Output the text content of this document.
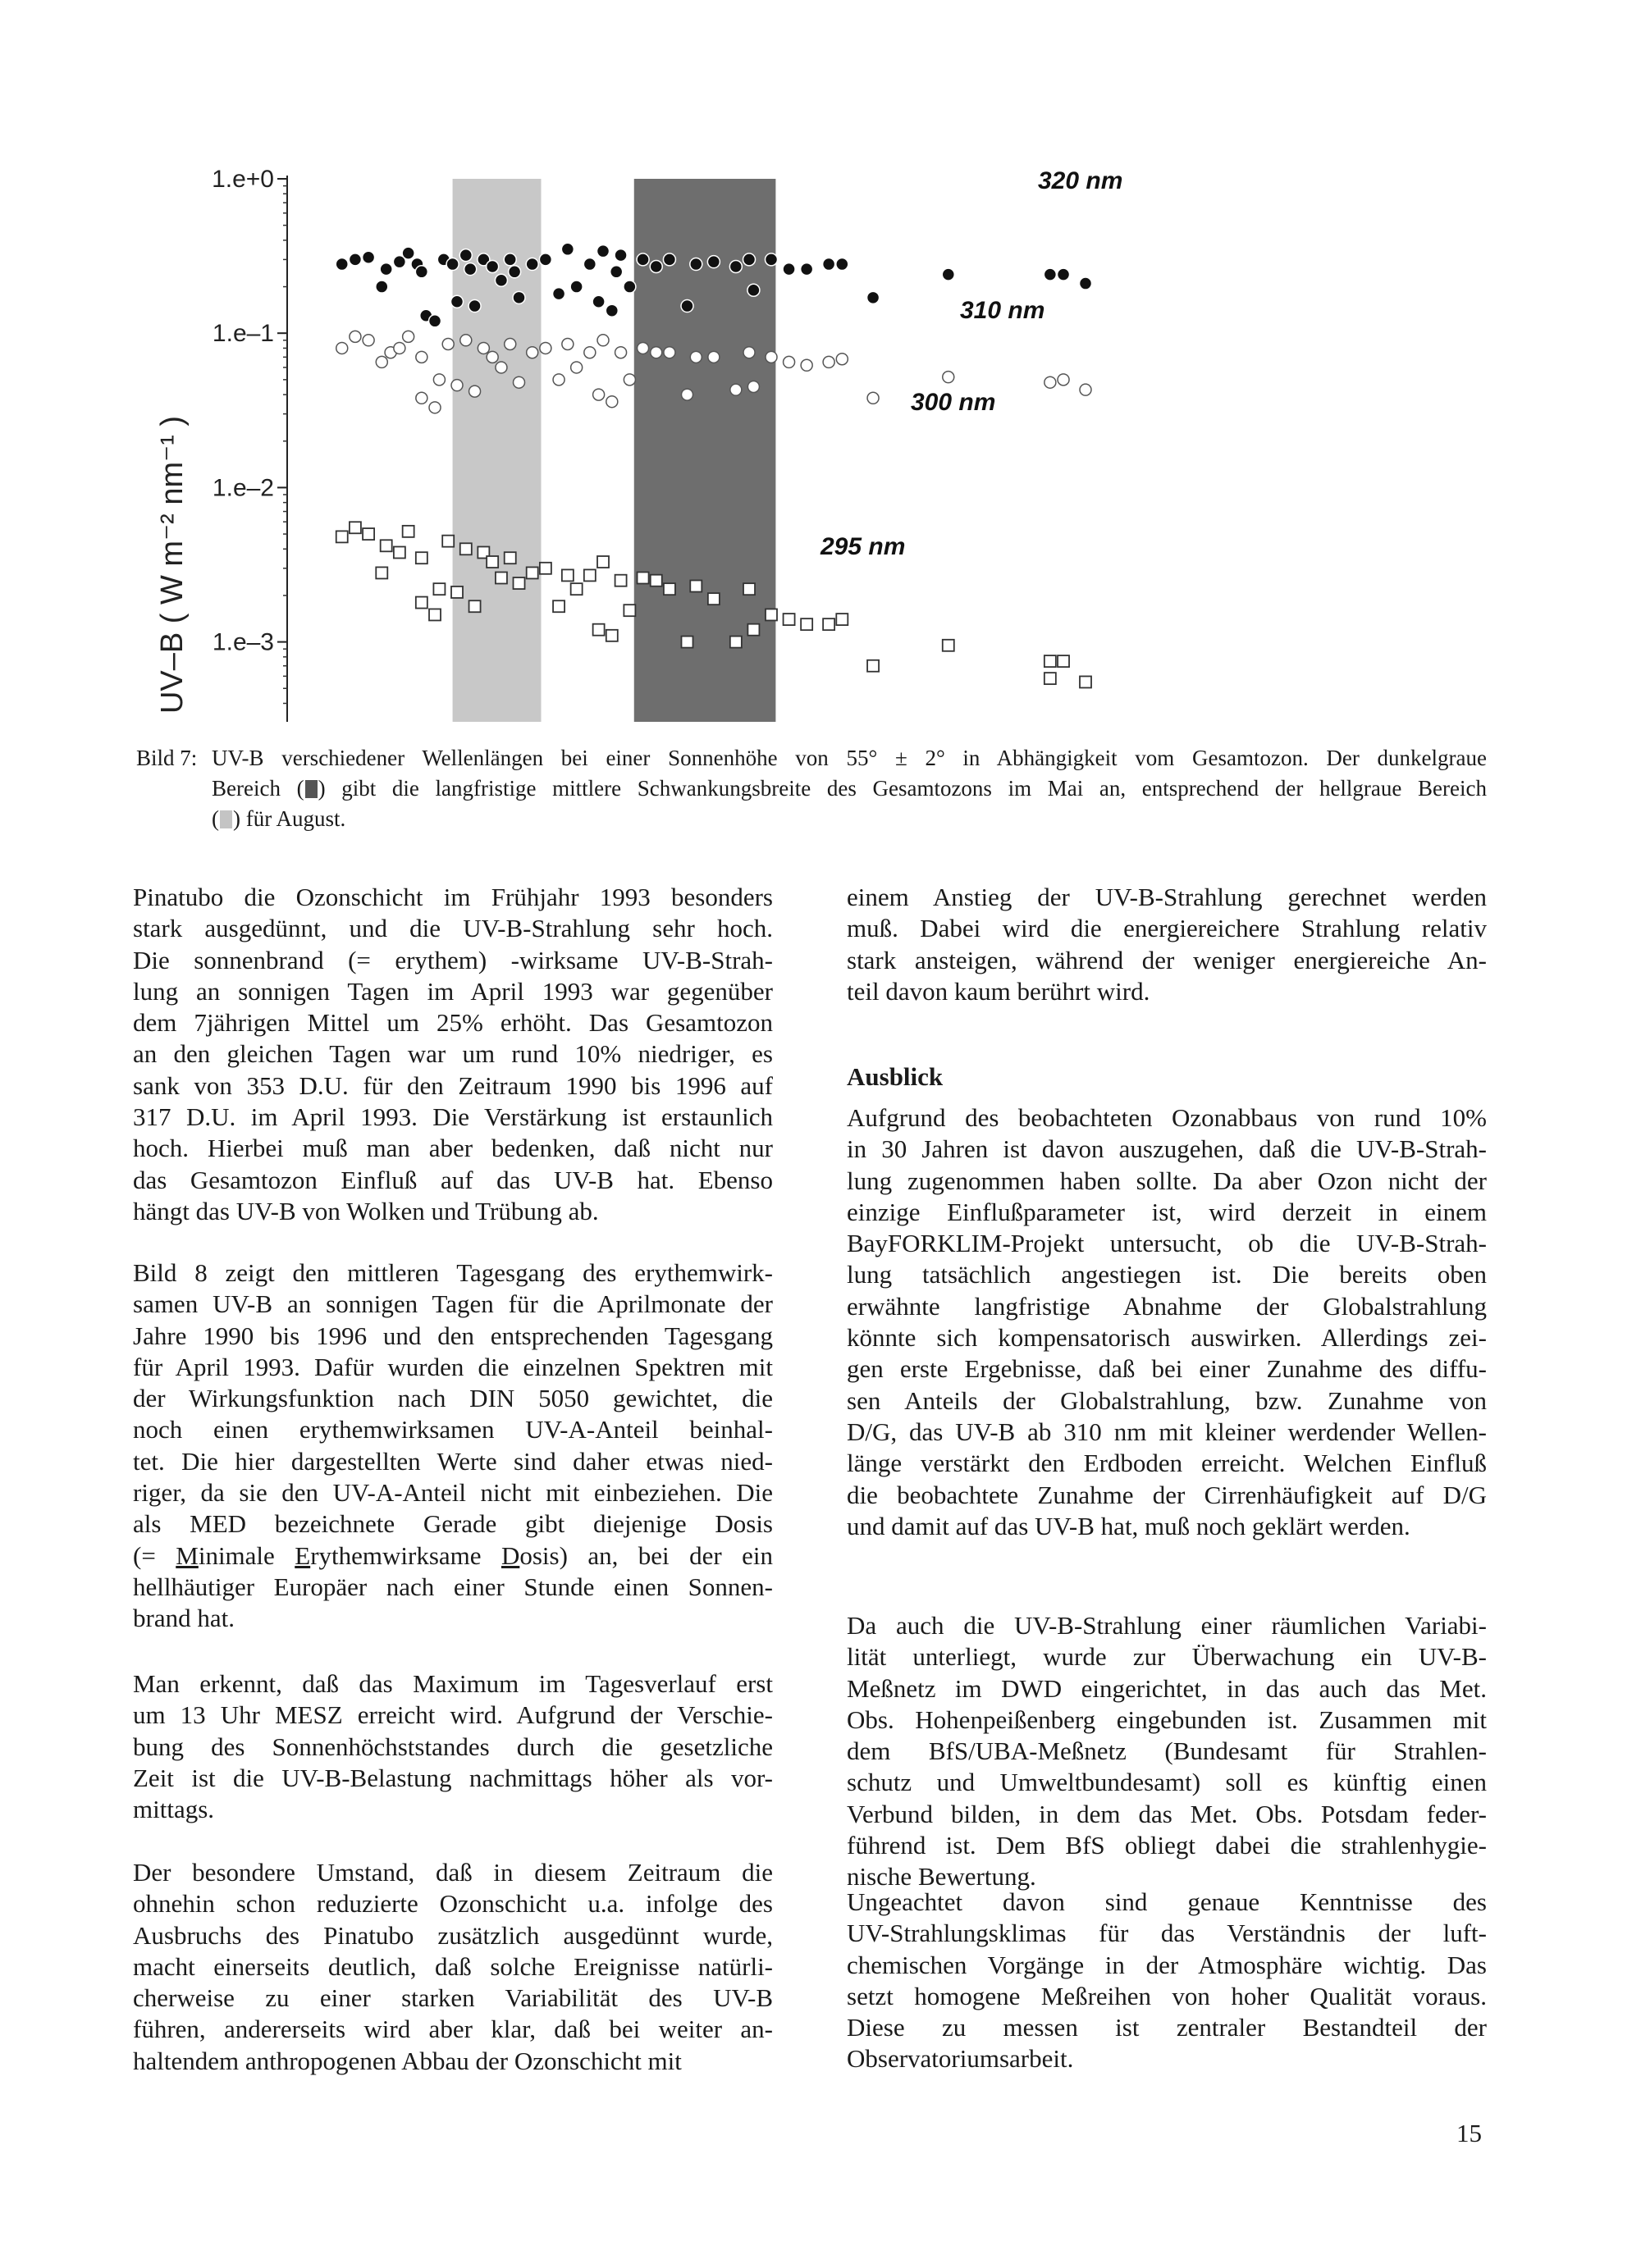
1.e+0
1.e–1
1.e–2
1.e–3
UV–B ( W m⁻² nm⁻¹ )
320 nm
310 nm
300 nm
295 nm
Bild 7: UV-B verschiedener Wellenlängen bei einer Sonnenhöhe von 55° ± 2° in Abhängigkeit vom Gesamtozon. Der dunkelgraue
Bereich ( ) gibt die langfristige mittlere Schwankungsbreite des Gesamtozons im Mai an, entsprechend der hellgraue Bereich
( ) für August.
Pinatubo die Ozonschicht im Frühjahr 1993 besonders
stark ausgedünnt, und die UV-B-Strahlung sehr hoch.
Die sonnenbrand (= erythem) -wirksame UV-B-Strah-
lung an sonnigen Tagen im April 1993 war gegenüber
dem 7jährigen Mittel um 25% erhöht. Das Gesamtozon
an den gleichen Tagen war um rund 10% niedriger, es
sank von 353 D.U. für den Zeitraum 1990 bis 1996 auf
317 D.U. im April 1993. Die Verstärkung ist erstaunlich
hoch. Hierbei muß man aber bedenken, daß nicht nur
das Gesamtozon Einfluß auf das UV-B hat. Ebenso
hängt das UV-B von Wolken und Trübung ab.
Bild 8 zeigt den mittleren Tagesgang des erythemwirk-
samen UV-B an sonnigen Tagen für die Aprilmonate der
Jahre 1990 bis 1996 und den entsprechenden Tagesgang
für April 1993. Dafür wurden die einzelnen Spektren mit
der Wirkungsfunktion nach DIN 5050 gewichtet, die
noch einen erythemwirksamen UV-A-Anteil beinhal-
tet. Die hier dargestellten Werte sind daher etwas nied-
riger, da sie den UV-A-Anteil nicht mit einbeziehen. Die
als MED bezeichnete Gerade gibt diejenige Dosis
(= Minimale Erythemwirksame Dosis) an, bei der ein
hellhäutiger Europäer nach einer Stunde einen Sonnen-
brand hat.
Man erkennt, daß das Maximum im Tagesverlauf erst
um 13 Uhr MESZ erreicht wird. Aufgrund der Verschie-
bung des Sonnenhöchststandes durch die gesetzliche
Zeit ist die UV-B-Belastung nachmittags höher als vor-
mittags.
Der besondere Umstand, daß in diesem Zeitraum die
ohnehin schon reduzierte Ozonschicht u.a. infolge des
Ausbruchs des Pinatubo zusätzlich ausgedünnt wurde,
macht einerseits deutlich, daß solche Ereignisse natürli-
cherweise zu einer starken Variabilität des UV-B
führen, andererseits wird aber klar, daß bei weiter an-
haltendem anthropogenen Abbau der Ozonschicht mit
einem Anstieg der UV-B-Strahlung gerechnet werden
muß. Dabei wird die energiereichere Strahlung relativ
stark ansteigen, während der weniger energiereiche An-
teil davon kaum berührt wird.
Ausblick
Aufgrund des beobachteten Ozonabbaus von rund 10%
in 30 Jahren ist davon auszugehen, daß die UV-B-Strah-
lung zugenommen haben sollte. Da aber Ozon nicht der
einzige Einflußparameter ist, wird derzeit in einem
BayFORKLIM-Projekt untersucht, ob die UV-B-Strah-
lung tatsächlich angestiegen ist. Die bereits oben
erwähnte langfristige Abnahme der Globalstrahlung
könnte sich kompensatorisch auswirken. Allerdings zei-
gen erste Ergebnisse, daß bei einer Zunahme des diffu-
sen Anteils der Globalstrahlung, bzw. Zunahme von
D/G, das UV-B ab 310 nm mit kleiner werdender Wellen-
länge verstärkt den Erdboden erreicht. Welchen Einfluß
die beobachtete Zunahme der Cirrenhäufigkeit auf D/G
und damit auf das UV-B hat, muß noch geklärt werden.
Da auch die UV-B-Strahlung einer räumlichen Variabi-
lität unterliegt, wurde zur Überwachung ein UV-B-
Meßnetz im DWD eingerichtet, in das auch das Met.
Obs. Hohenpeißenberg eingebunden ist. Zusammen mit
dem BfS/UBA-Meßnetz (Bundesamt für Strahlen-
schutz und Umweltbundesamt) soll es künftig einen
Verbund bilden, in dem das Met. Obs. Potsdam feder-
führend ist. Dem BfS obliegt dabei die strahlenhygie-
nische Bewertung.
Ungeachtet davon sind genaue Kenntnisse des
UV-Strahlungsklimas für das Verständnis der luft-
chemischen Vorgänge in der Atmosphäre wichtig. Das
setzt homogene Meßreihen von hoher Qualität voraus.
Diese zu messen ist zentraler Bestandteil der
Observatoriumsarbeit.
15
